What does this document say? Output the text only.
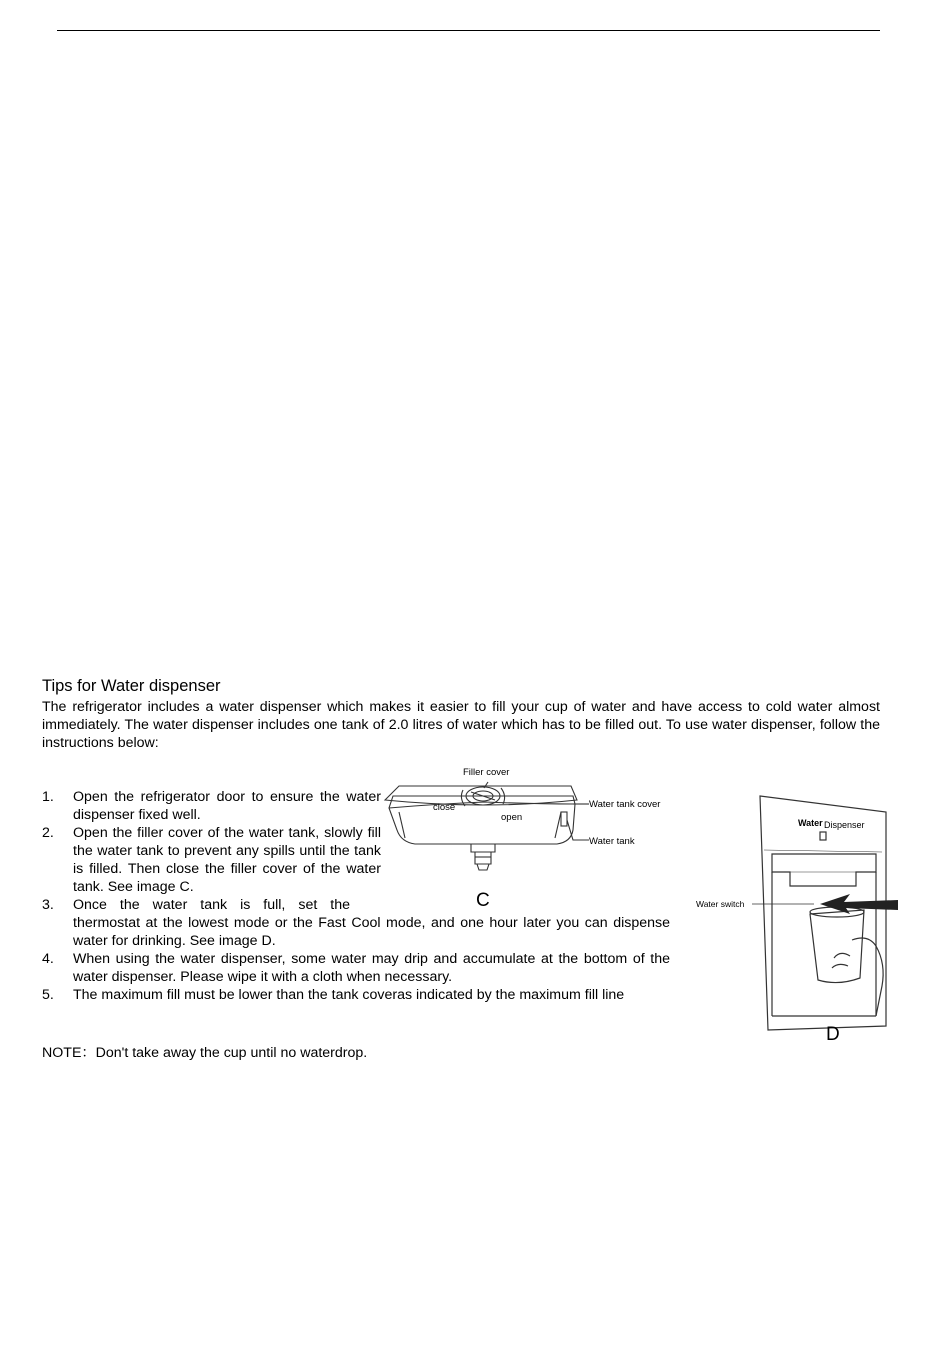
Tips for Water dispenser
The refrigerator includes a water dispenser which makes it easier to fill your cup of water and have access to cold water almost immediately. The water dispenser includes one tank of 2.0 litres of water which has to be filled out. To use water dispenser, follow the instructions below:
1. Open the refrigerator door to ensure the water dispenser fixed well.
2. Open the filler cover of the water tank, slowly fill the water tank to prevent any spills until the tank is filled. Then close the filler cover of the water tank. See image C.
3. Once the water tank is full, set the
thermostat at the lowest mode or the Fast Cool mode, and one hour later you can dispense water for drinking. See image D.
4. When using the water dispenser, some water may drip and accumulate at the bottom of the water dispenser. Please wipe it with a cloth when necessary.
5. The maximum fill must be lower than the tank coveras indicated by the maximum fill line
NOTE：Don't take away the cup until no waterdrop.
Filler cover
close
open
Water tank cover
Water tank
C
Water Dispenser
Water switch
D
